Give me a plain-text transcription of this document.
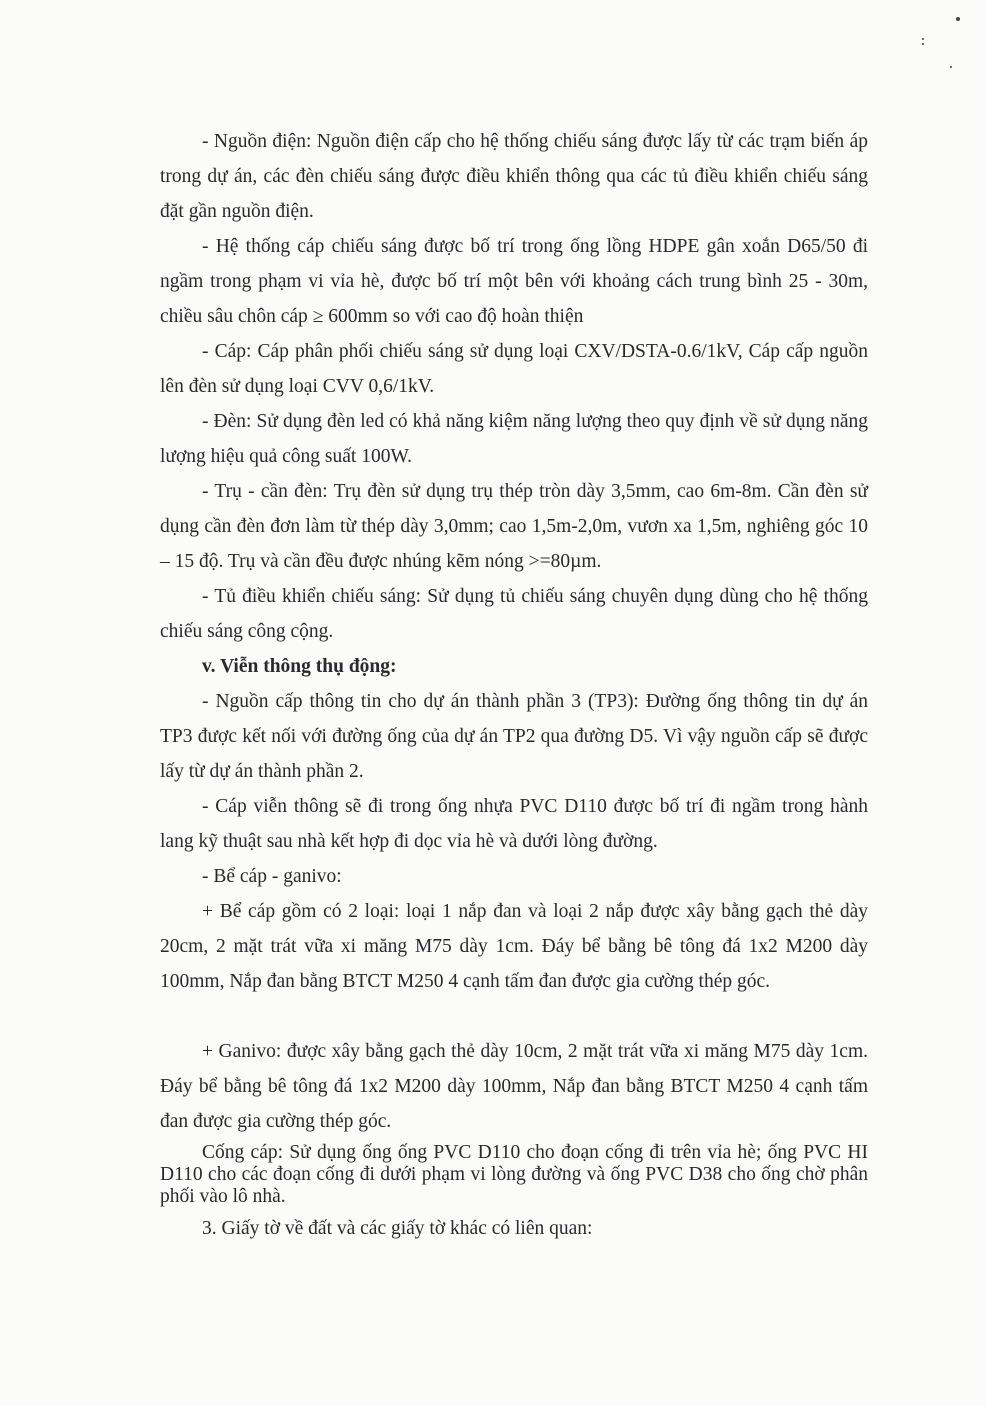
- Nguồn điện: Nguồn điện cấp cho hệ thống chiếu sáng được lấy từ các trạm biến áp trong dự án, các đèn chiếu sáng được điều khiển thông qua các tủ điều khiển chiếu sáng đặt gần nguồn điện.

- Hệ thống cáp chiếu sáng được bố trí trong ống lồng HDPE gân xoắn D65/50 đi ngầm trong phạm vi vỉa hè, được bố trí một bên với khoảng cách trung bình 25 - 30m, chiều sâu chôn cáp ≥ 600mm so với cao độ hoàn thiện

- Cáp: Cáp phân phối chiếu sáng sử dụng loại CXV/DSTA-0.6/1kV, Cáp cấp nguồn lên đèn sử dụng loại CVV 0,6/1kV.

- Đèn: Sử dụng đèn led có khả năng kiệm năng lượng theo quy định về sử dụng năng lượng hiệu quả công suất 100W.

- Trụ - cần đèn: Trụ đèn sử dụng trụ thép tròn dày 3,5mm, cao 6m-8m. Cần đèn sử dụng cần đèn đơn làm từ thép dày 3,0mm; cao 1,5m-2,0m, vươn xa 1,5m, nghiêng góc 10 – 15 độ. Trụ và cần đều được nhúng kẽm nóng >=80µm.

- Tủ điều khiển chiếu sáng: Sử dụng tủ chiếu sáng chuyên dụng dùng cho hệ thống chiếu sáng công cộng.

v. Viễn thông thụ động:

- Nguồn cấp thông tin cho dự án thành phần 3 (TP3): Đường ống thông tin dự án TP3 được kết nối với đường ống của dự án TP2 qua đường D5. Vì vậy nguồn cấp sẽ được lấy từ dự án thành phần 2.

- Cáp viễn thông sẽ đi trong ống nhựa PVC D110 được bố trí đi ngầm trong hành lang kỹ thuật sau nhà kết hợp đi dọc vỉa hè và dưới lòng đường.

- Bể cáp - ganivo:

+ Bể cáp gồm có 2 loại: loại 1 nắp đan và loại 2 nắp được xây bằng gạch thẻ dày 20cm, 2 mặt trát vữa xi măng M75 dày 1cm. Đáy bể bằng bê tông đá 1x2 M200 dày 100mm, Nắp đan bằng BTCT M250 4 cạnh tấm đan được gia cường thép góc.

+ Ganivo: được xây bằng gạch thẻ dày 10cm, 2 mặt trát vữa xi măng M75 dày 1cm. Đáy bể bằng bê tông đá 1x2 M200 dày 100mm, Nắp đan bằng BTCT M250 4 cạnh tấm đan được gia cường thép góc.

Cống cáp: Sử dụng ống ống PVC D110 cho đoạn cống đi trên vỉa hè; ống PVC HI D110 cho các đoạn cống đi dưới phạm vi lòng đường và ống PVC D38 cho ống chờ phân phối vào lô nhà.

3. Giấy tờ về đất và các giấy tờ khác có liên quan:
